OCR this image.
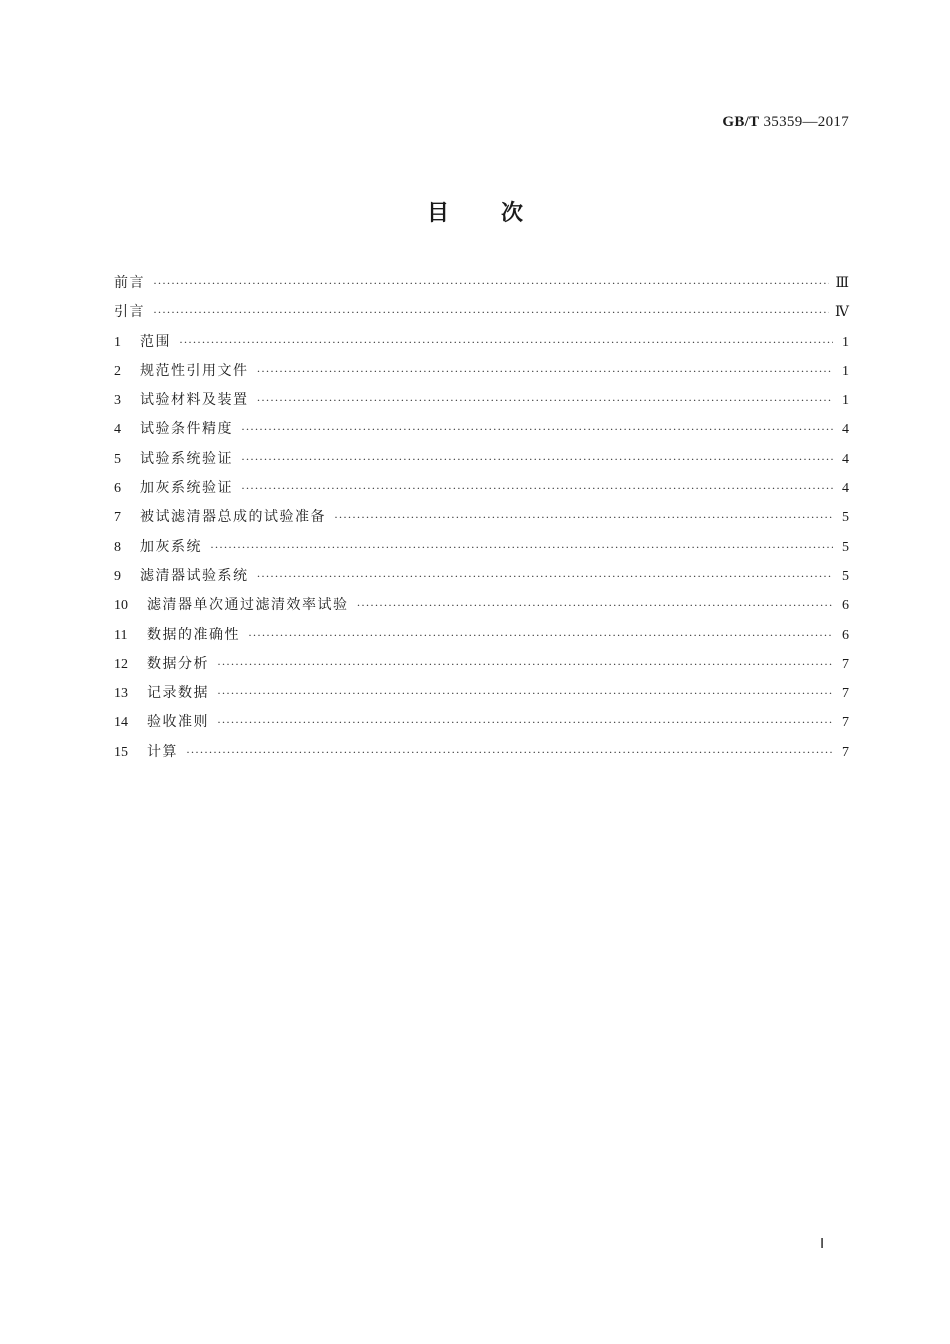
GB/T 35359—2017
目 次
前言 ·····	Ⅲ
引言 ·····	Ⅳ
1	范围 ·····	1
2	规范性引用文件 ·····	1
3	试验材料及装置 ·····	1
4	试验条件精度 ·····	4
5	试验系统验证 ·····	4
6	加灰系统验证 ·····	4
7	被试滤清器总成的试验准备 ·····	5
8	加灰系统 ·····	5
9	滤清器试验系统 ·····	5
10	滤清器单次通过滤清效率试验 ·····	6
11	数据的准确性 ·····	6
12	数据分析 ·····	7
13	记录数据 ·····	7
14	验收准则 ·····	7
15	计算 ·····	7
Ⅰ
